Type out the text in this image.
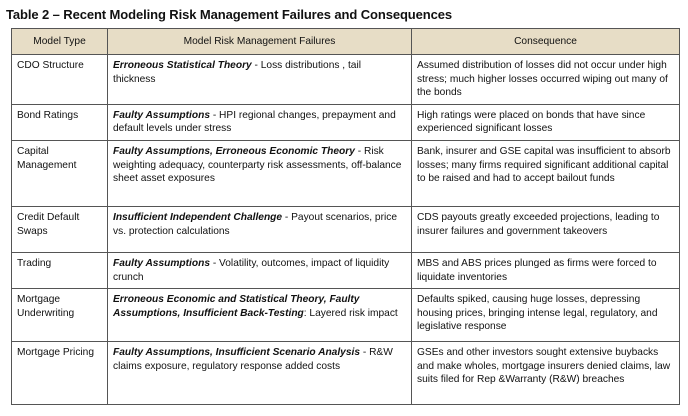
Table 2 – Recent Modeling Risk Management Failures and Consequences
Model Type	Model Risk Management Failures	Consequence
CDO Structure	Erroneous Statistical Theory - Loss distributions , tail thickness	Assumed distribution of losses did not occur under high stress; much higher losses occurred wiping out many of the bonds
Bond Ratings	Faulty Assumptions - HPI regional changes, prepayment and default levels under stress	High ratings were placed on bonds that have since experienced significant losses
Capital Management	Faulty Assumptions, Erroneous Economic Theory - Risk weighting adequacy, counterparty risk assessments, off-balance sheet asset exposures	Bank, insurer and GSE capital was insufficient to absorb losses; many firms required significant additional capital to be raised and had to accept bailout funds
Credit Default Swaps	Insufficient Independent Challenge - Payout scenarios, price vs. protection calculations	CDS payouts greatly exceeded projections, leading to insurer failures and government takeovers
Trading	Faulty Assumptions - Volatility, outcomes, impact of liquidity crunch	MBS and ABS prices plunged as firms were forced to liquidate inventories
Mortgage Underwriting	Erroneous Economic and Statistical Theory, Faulty Assumptions, Insufficient Back-Testing: Layered risk impact	Defaults spiked, causing huge losses, depressing housing prices, bringing intense legal, regulatory, and legislative response
Mortgage Pricing	Faulty Assumptions, Insufficient Scenario Analysis - R&W claims exposure, regulatory response added costs	GSEs and other investors sought extensive buybacks and make wholes, mortgage insurers denied claims, law suits filed for Rep &Warranty (R&W) breaches
